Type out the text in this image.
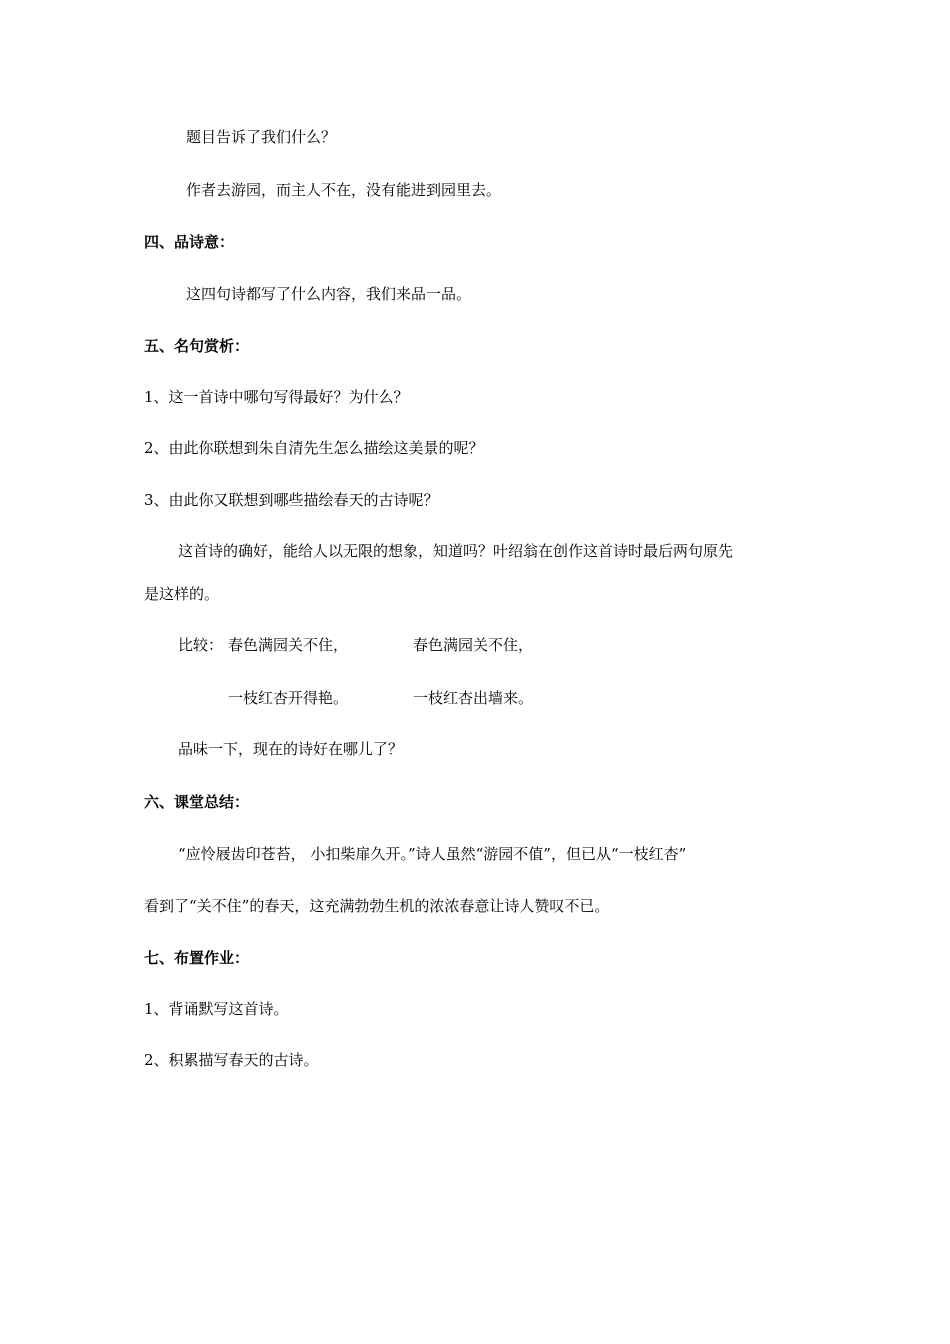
题目告诉了我们什么？
作者去游园，而主人不在，没有能进到园里去。
四、品诗意：
这四句诗都写了什么内容，我们来品一品。
五、名句赏析：
1、这一首诗中哪句写得最好？为什么？
2、由此你联想到朱自清先生怎么描绘这美景的呢？
3、由此你又联想到哪些描绘春天的古诗呢？
这首诗的确好，能给人以无限的想象，知道吗？叶绍翁在创作这首诗时最后两句原先
是这样的。
比较： 春色满园关不住，	春色满园关不住，
一枝红杏开得艳。	一枝红杏出墙来。
品味一下，现在的诗好在哪儿了？
六、课堂总结：
“应怜屐齿印苍苔， 小扣柴扉久开。”诗人虽然“游园不值”，但已从“一枝红杏”
看到了“关不住”的春天，这充满勃勃生机的浓浓春意让诗人赞叹不已。
七、布置作业：
1、背诵默写这首诗。
2、积累描写春天的古诗。
